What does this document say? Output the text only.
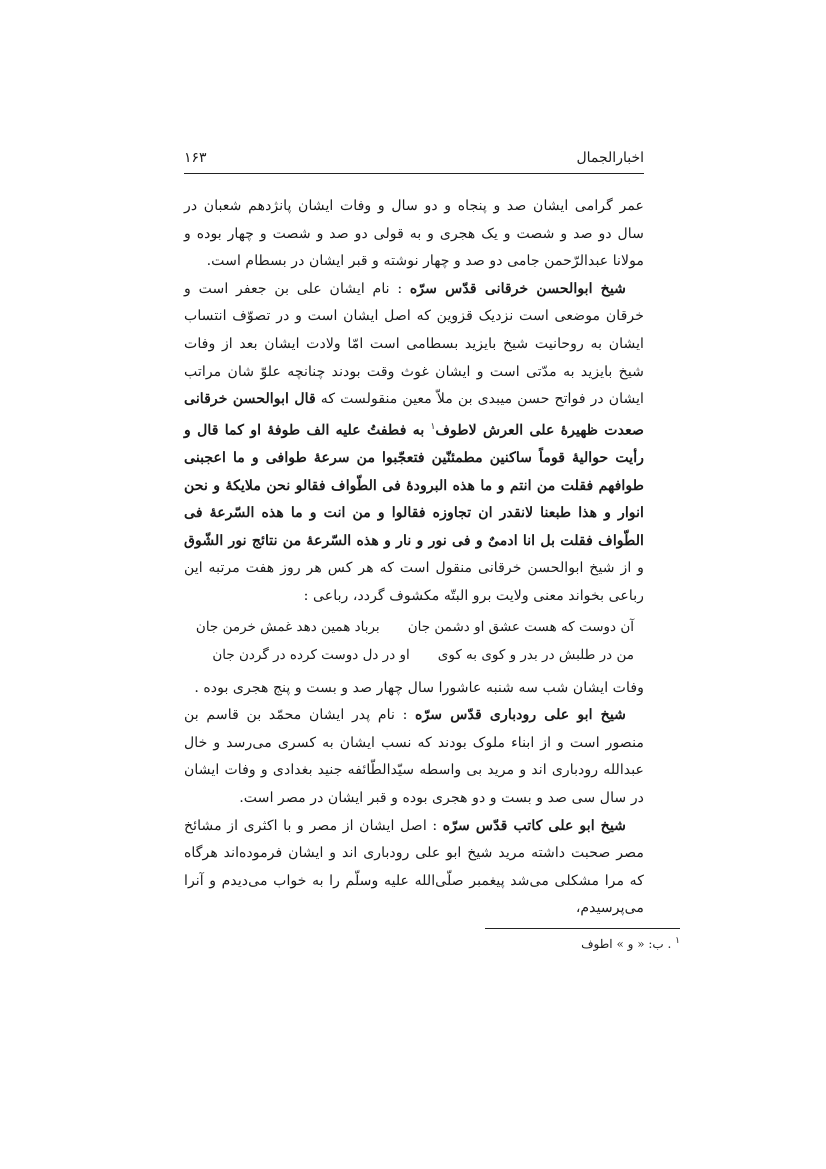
اخبارالجمال
۱۶۳

عمر گرامی ایشان صد و پنجاه و دو سال و وفات ایشان پانژدهم شعبان در سال دو صد و شصت و یک هجری و به قولی دو صد و شصت و چهار بوده و مولانا عبدالرّحمن جامی دو صد و چهار نوشته و قبر ایشان در بسطام است.

شیخ ابوالحسن خرقانی قدّس سرّه : نام ایشان علی بن جعفر است و خرقان موضعی است نزدیک قزوین که اصل ایشان است و در تصوّف انتساب ایشان به روحانیت شیخ بایزید بسطامی است امّا ولادت ایشان بعد از وفات شیخ بایزید به مدّتی است و ایشان غوث وقت بودند چنانچه علوّ شان مراتب ایشان در فواتح حسن میبدی بن ملاّ معین منقولست که قال ابوالحسن خرقانی صعدت ظهیرهٔ علی العرش لاطوف$^۱$ به فطفتُ علیه الف طوفهٔ او کما قال و رأیت حوالیهٔ قوماً ساکنین مطمئنّین فتعجّبوا من سرعهٔ طوافی و ما اعجبنی طوافهم فقلت من انتم و ما هذه البرودهٔ فی الطّواف فقالو نحن ملایکهٔ و نحن انوار و هذا طبعنا لانقدر ان تجاوزه فقالوا و من انت و ما هذه السّرعهٔ فی الطّواف فقلت بل انا ادمیٌ و فی نور و نار و هذه السّرعهٔ من نتائج نور الشّوق و از شیخ ابوالحسن خرقانی منقول است که هر کس هر روز هفت مرتبه این رباعی بخواند معنی ولایت برو البتّه مکشوف گردد، رباعی :

آن دوست که هست عشق او دشمن جان
برباد همین دهد غمش خرمن جان
من در طلبش در بدر و کوی به کوی
او در دل دوست کرده در گردن جان

وفات ایشان شب سه شنبه عاشورا سال چهار صد و بست و پنج هجری بوده .

شیخ ابو علی رودباری قدّس سرّه : نام پدر ایشان محمّد بن قاسم بن منصور است و از ابناء ملوک بودند که نسب ایشان به کسری می‌رسد و خال عبدالله رودباری اند و مرید بی واسطه سیّدالطّائفه جنید بغدادی و وفات ایشان در سال سی صد و بست و دو هجری بوده و قبر ایشان در مصر است.

شیخ ابو علی کاتب قدّس سرّه : اصل ایشان از مصر و با اکثری از مشائخ مصر صحبت داشته مرید شیخ ابو علی رودباری اند و ایشان فرموده‌اند هرگاه که مرا مشکلی می‌شد پیغمبر صلّی‌الله علیه وسلّم را به خواب می‌دیدم و آنرا می‌پرسیدم،

$^۱$ . ب: « و » اطوف
